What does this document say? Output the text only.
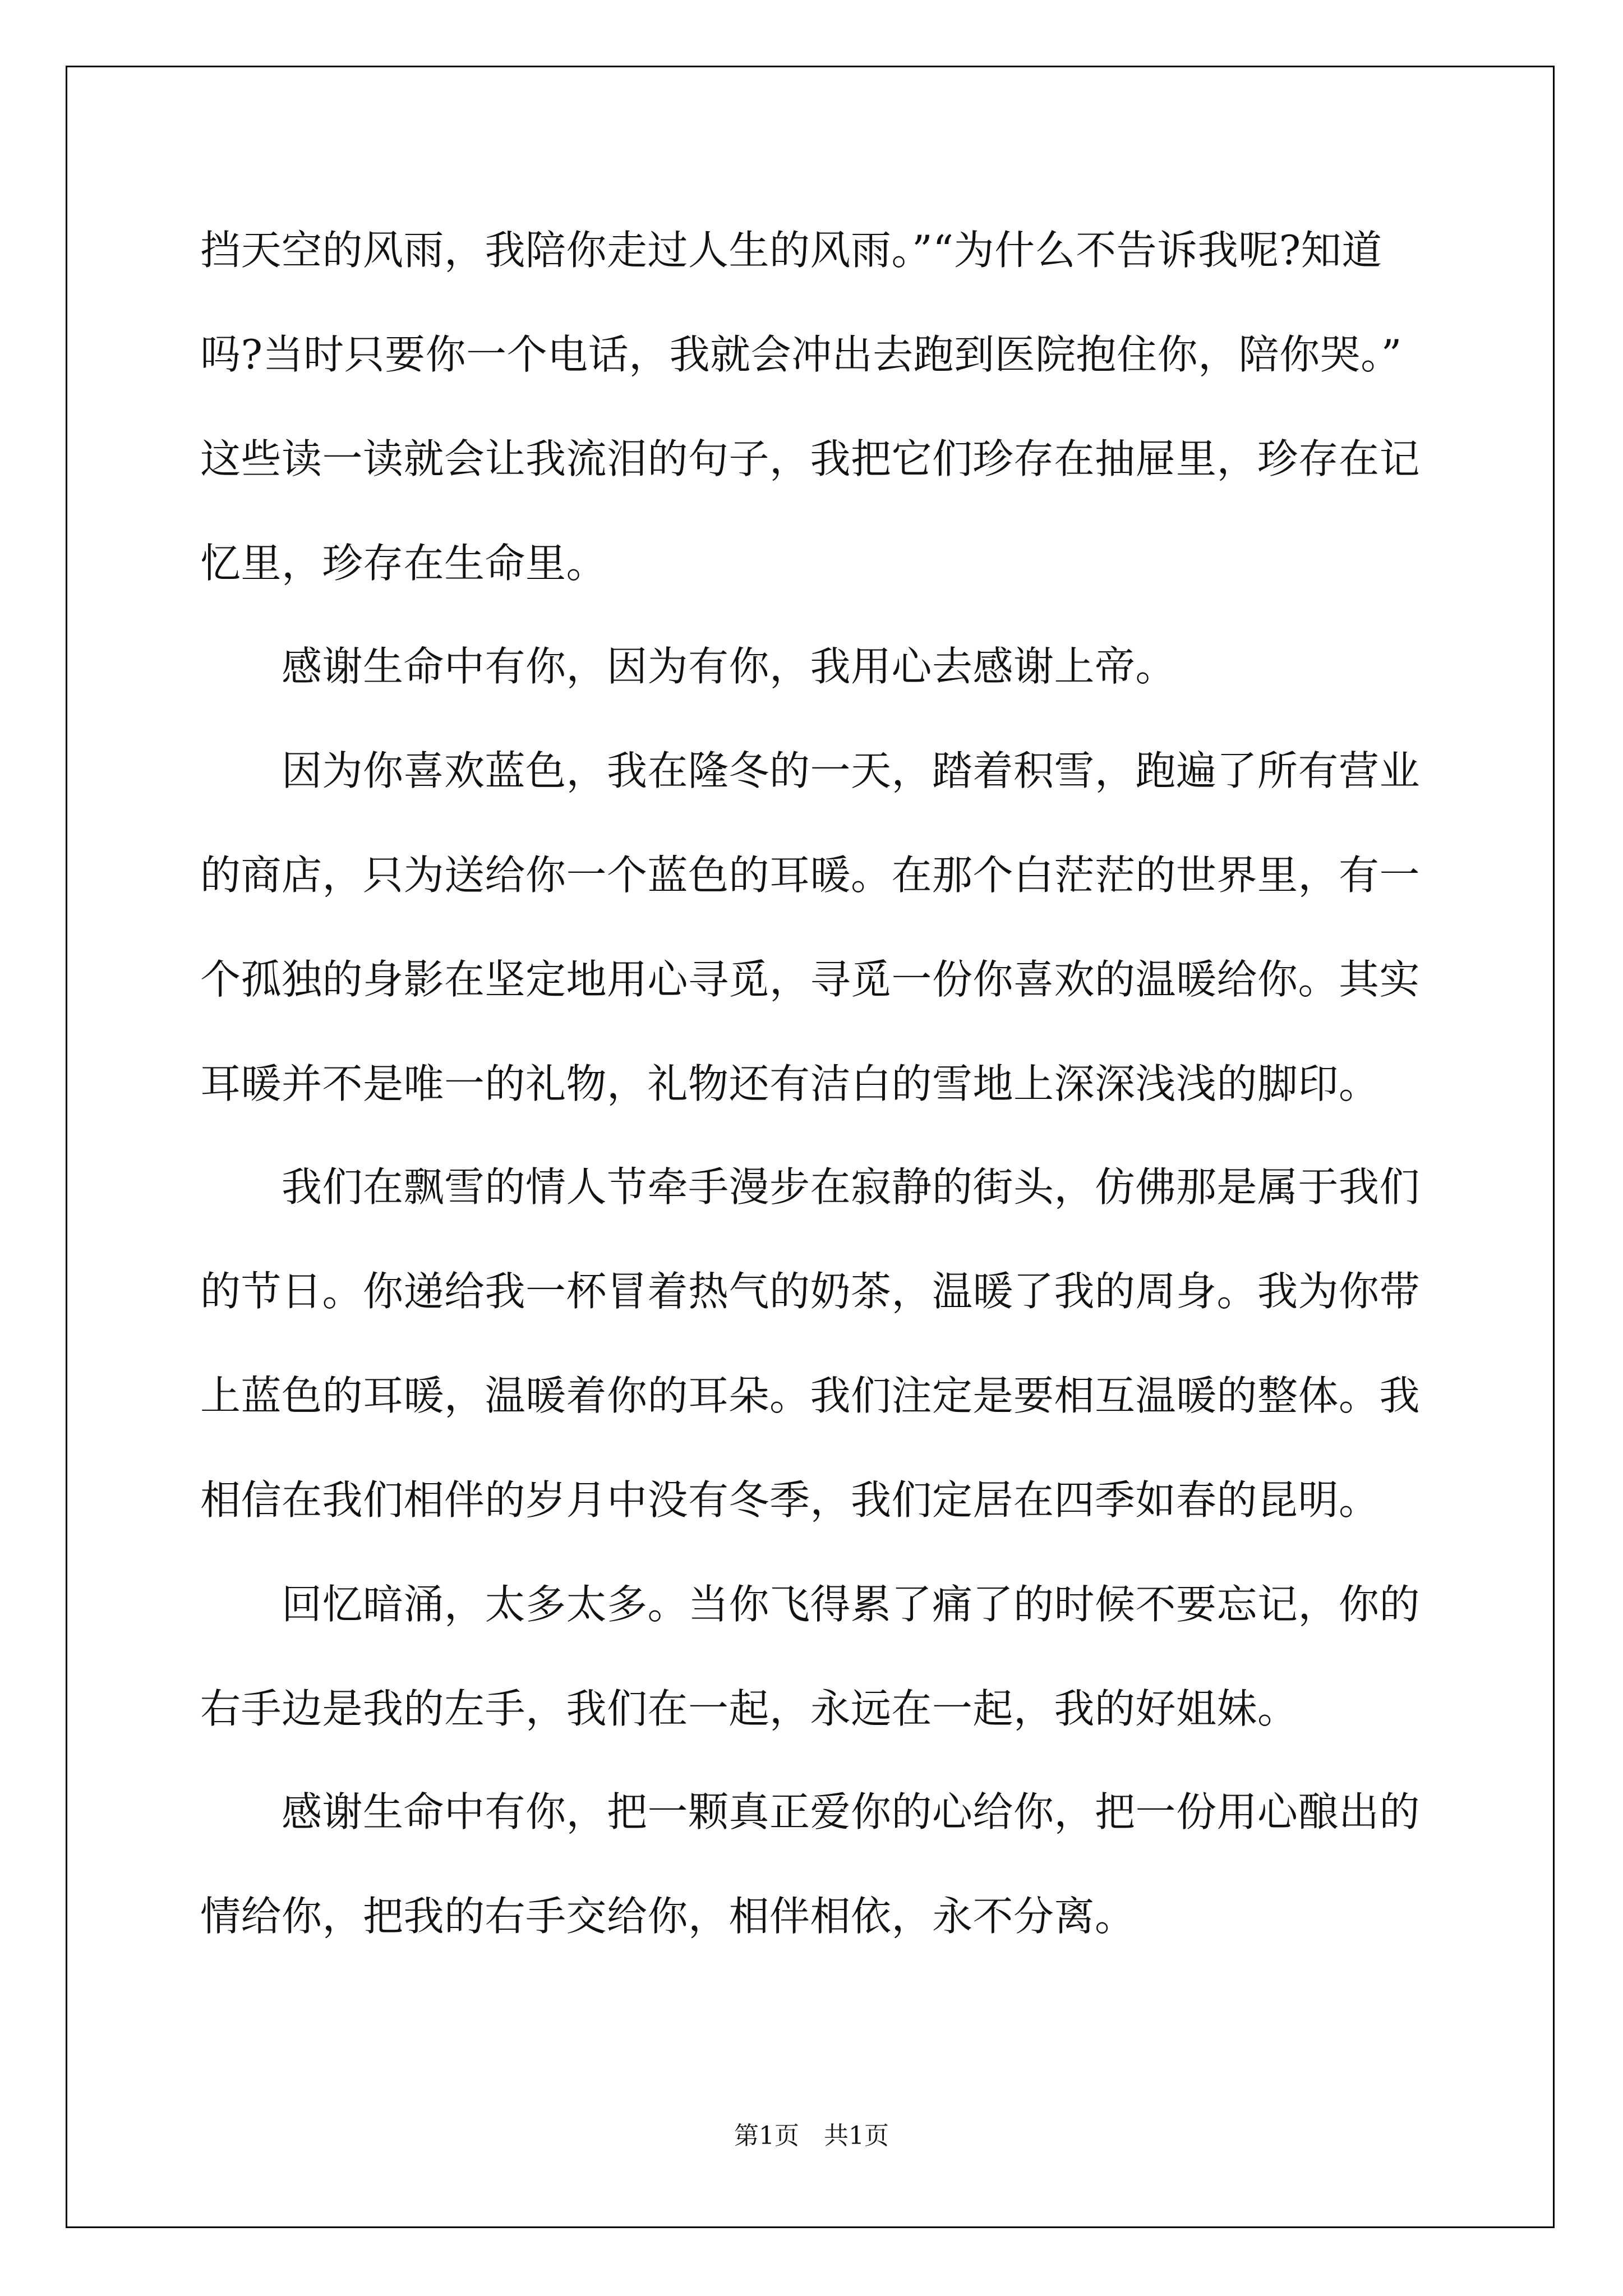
挡天空的风雨，我陪你走过人生的风雨。”“为什么不告诉我呢?知道
吗?当时只要你一个电话，我就会冲出去跑到医院抱住你，陪你哭。”
这些读一读就会让我流泪的句子，我把它们珍存在抽屉里，珍存在记
忆里，珍存在生命里。
　　感谢生命中有你，因为有你，我用心去感谢上帝。
　　因为你喜欢蓝色，我在隆冬的一天，踏着积雪，跑遍了所有营业
的商店，只为送给你一个蓝色的耳暖。在那个白茫茫的世界里，有一
个孤独的身影在坚定地用心寻觅，寻觅一份你喜欢的温暖给你。其实
耳暖并不是唯一的礼物，礼物还有洁白的雪地上深深浅浅的脚印。
　　我们在飘雪的情人节牵手漫步在寂静的街头，仿佛那是属于我们
的节日。你递给我一杯冒着热气的奶茶，温暖了我的周身。我为你带
上蓝色的耳暖，温暖着你的耳朵。我们注定是要相互温暖的整体。我
相信在我们相伴的岁月中没有冬季，我们定居在四季如春的昆明。
　　回忆暗涌，太多太多。当你飞得累了痛了的时候不要忘记，你的
右手边是我的左手，我们在一起，永远在一起，我的好姐妹。
　　感谢生命中有你，把一颗真正爱你的心给你，把一份用心酿出的
情给你，把我的右手交给你，相伴相依，永不分离。
第1页　共1页
